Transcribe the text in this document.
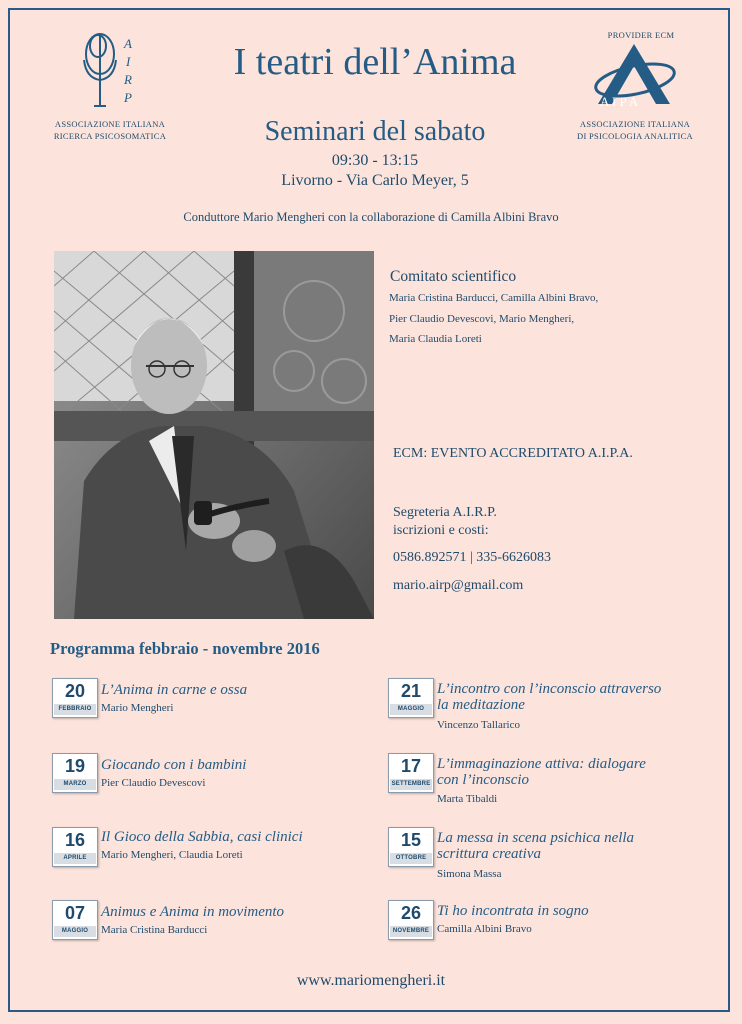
A
I
R
P
ASSOCIAZIONE ITALIANA
RICERCA PSICOSOMATICA
PROVIDER ECM
A I P A
ASSOCIAZIONE ITALIANA
DI PSICOLOGIA ANALITICA
I teatri dell’Anima
Seminari del sabato
09:30 - 13:15
Livorno - Via Carlo Meyer, 5
Conduttore Mario Mengheri con la collaborazione di Camilla Albini Bravo
Comitato scientifico
Maria Cristina Barducci, Camilla Albini Bravo,
Pier Claudio Devescovi, Mario Mengheri,
Maria Claudia Loreti
ECM: EVENTO ACCREDITATO A.I.P.A.
Segreteria A.I.R.P.
iscrizioni e costi:
0586.892571 | 335-6626083
mario.airp@gmail.com
Programma febbraio - novembre 2016
20
FEBBRAIO
L’Anima in carne e ossa
Mario Mengheri
19
MARZO
Giocando con i bambini
Pier Claudio Devescovi
16
APRILE
Il Gioco della Sabbia, casi clinici
Mario Mengheri, Claudia Loreti
07
MAGGIO
Animus e Anima in movimento
Maria Cristina Barducci
21
MAGGIO
L’incontro con l’inconscio attraverso
la meditazione
Vincenzo Tallarico
17
SETTEMBRE
L’immaginazione attiva: dialogare
con l’inconscio
Marta Tibaldi
15
OTTOBRE
La messa in scena psichica nella
scrittura creativa
Simona Massa
26
NOVEMBRE
Ti ho incontrata in sogno
Camilla Albini Bravo
www.mariomengheri.it
